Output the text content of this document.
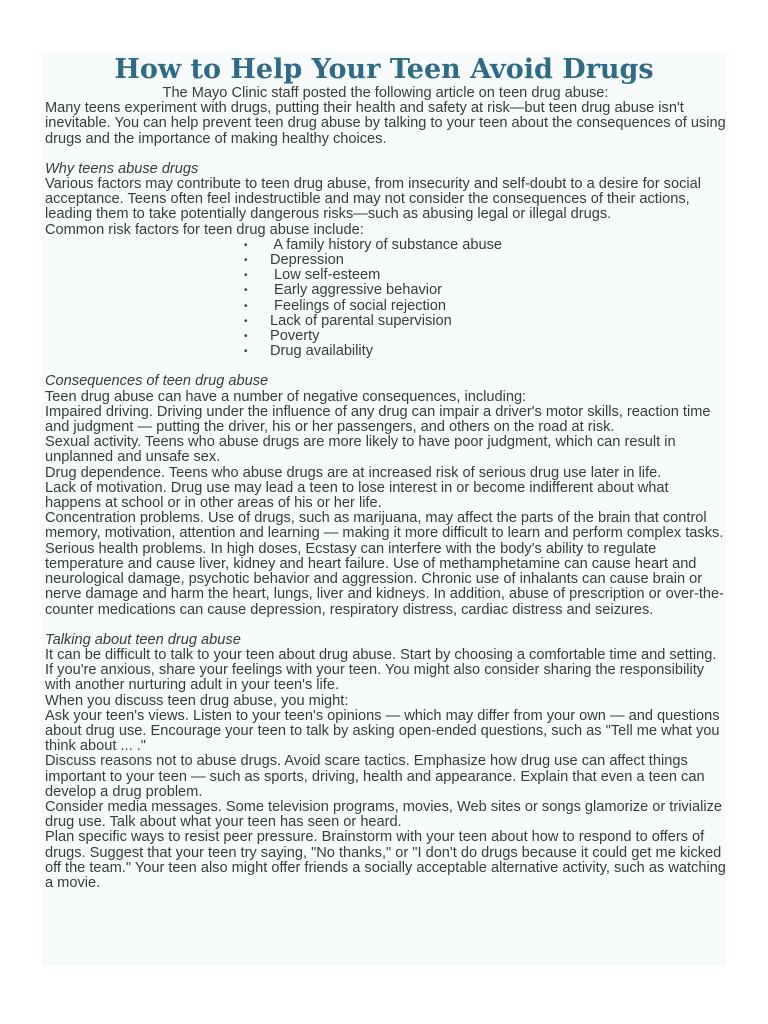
How to Help Your Teen Avoid Drugs

The Mayo Clinic staff posted the following article on teen drug abuse:

Many teens experiment with drugs, putting their health and safety at risk—but teen drug abuse isn't inevitable. You can help prevent teen drug abuse by talking to your teen about the consequences of using drugs and the importance of making healthy choices.

Why teens abuse drugs

Various factors may contribute to teen drug abuse, from insecurity and self-doubt to a desire for social acceptance. Teens often feel indestructible and may not consider the consequences of their actions, leading them to take potentially dangerous risks—such as abusing legal or illegal drugs.

Common risk factors for teen drug abuse include:

• A family history of substance abuse
• Depression
• Low self-esteem
• Early aggressive behavior
• Feelings of social rejection
• Lack of parental supervision
• Poverty
• Drug availability

Consequences of teen drug abuse

Teen drug abuse can have a number of negative consequences, including:

Impaired driving. Driving under the influence of any drug can impair a driver's motor skills, reaction time and judgment — putting the driver, his or her passengers, and others on the road at risk.

Sexual activity. Teens who abuse drugs are more likely to have poor judgment, which can result in unplanned and unsafe sex.

Drug dependence. Teens who abuse drugs are at increased risk of serious drug use later in life.

Lack of motivation. Drug use may lead a teen to lose interest in or become indifferent about what happens at school or in other areas of his or her life.

Concentration problems. Use of drugs, such as marijuana, may affect the parts of the brain that control memory, motivation, attention and learning — making it more difficult to learn and perform complex tasks.

Serious health problems. In high doses, Ecstasy can interfere with the body's ability to regulate temperature and cause liver, kidney and heart failure. Use of methamphetamine can cause heart and neurological damage, psychotic behavior and aggression. Chronic use of inhalants can cause brain or nerve damage and harm the heart, lungs, liver and kidneys. In addition, abuse of prescription or over-the-counter medications can cause depression, respiratory distress, cardiac distress and seizures.

Talking about teen drug abuse

It can be difficult to talk to your teen about drug abuse. Start by choosing a comfortable time and setting. If you're anxious, share your feelings with your teen. You might also consider sharing the responsibility with another nurturing adult in your teen's life.

When you discuss teen drug abuse, you might:

Ask your teen's views. Listen to your teen's opinions — which may differ from your own — and questions about drug use. Encourage your teen to talk by asking open-ended questions, such as "Tell me what you think about ... ."

Discuss reasons not to abuse drugs. Avoid scare tactics. Emphasize how drug use can affect things important to your teen — such as sports, driving, health and appearance. Explain that even a teen can develop a drug problem.

Consider media messages. Some television programs, movies, Web sites or songs glamorize or trivialize drug use. Talk about what your teen has seen or heard.

Plan specific ways to resist peer pressure. Brainstorm with your teen about how to respond to offers of drugs. Suggest that your teen try saying, "No thanks," or "I don't do drugs because it could get me kicked off the team." Your teen also might offer friends a socially acceptable alternative activity, such as watching a movie.
